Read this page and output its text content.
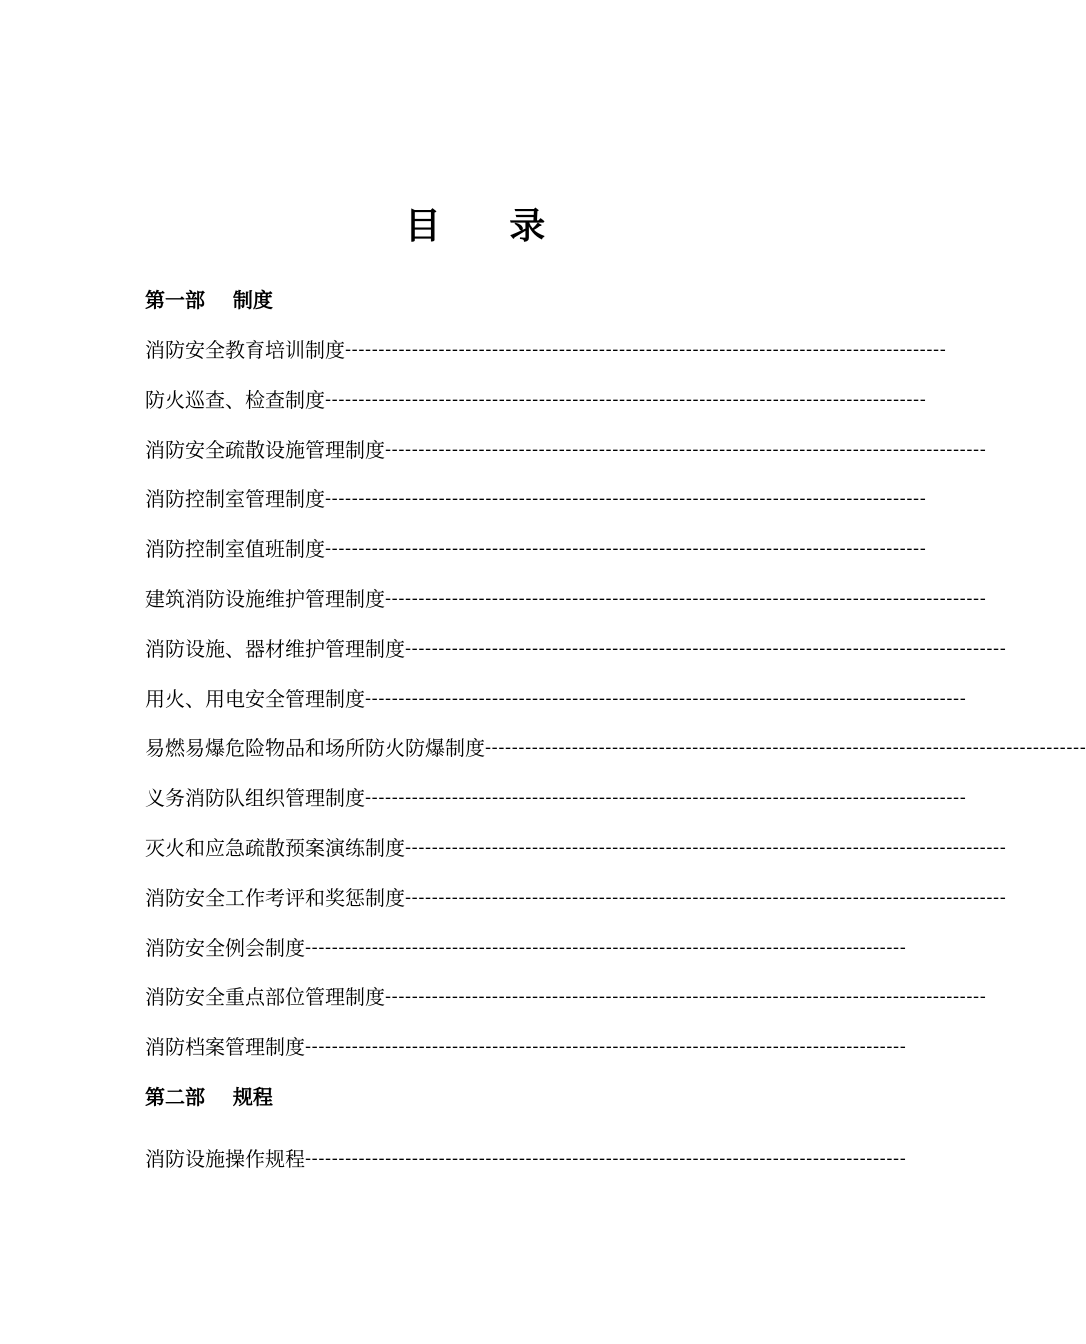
目 录
第一部    制度
消防安全教育培训制度 ------------------------------------------------------------------------------------------
防火巡查、检查制度 ------------------------------------------------------------------------------------------
消防安全疏散设施管理制度 ------------------------------------------------------------------------------------------
消防控制室管理制度 ------------------------------------------------------------------------------------------
消防控制室值班制度 ------------------------------------------------------------------------------------------
建筑消防设施维护管理制度 ------------------------------------------------------------------------------------------
消防设施、器材维护管理制度 ------------------------------------------------------------------------------------------
用火、用电安全管理制度 ------------------------------------------------------------------------------------------
易燃易爆危险物品和场所防火防爆制度 ------------------------------------------------------------------------------------------
义务消防队组织管理制度 ------------------------------------------------------------------------------------------
灭火和应急疏散预案演练制度 ------------------------------------------------------------------------------------------
消防安全工作考评和奖惩制度 ------------------------------------------------------------------------------------------
消防安全例会制度 ------------------------------------------------------------------------------------------
消防安全重点部位管理制度 ------------------------------------------------------------------------------------------
消防档案管理制度 ------------------------------------------------------------------------------------------
第二部    规程
消防设施操作规程 ------------------------------------------------------------------------------------------
